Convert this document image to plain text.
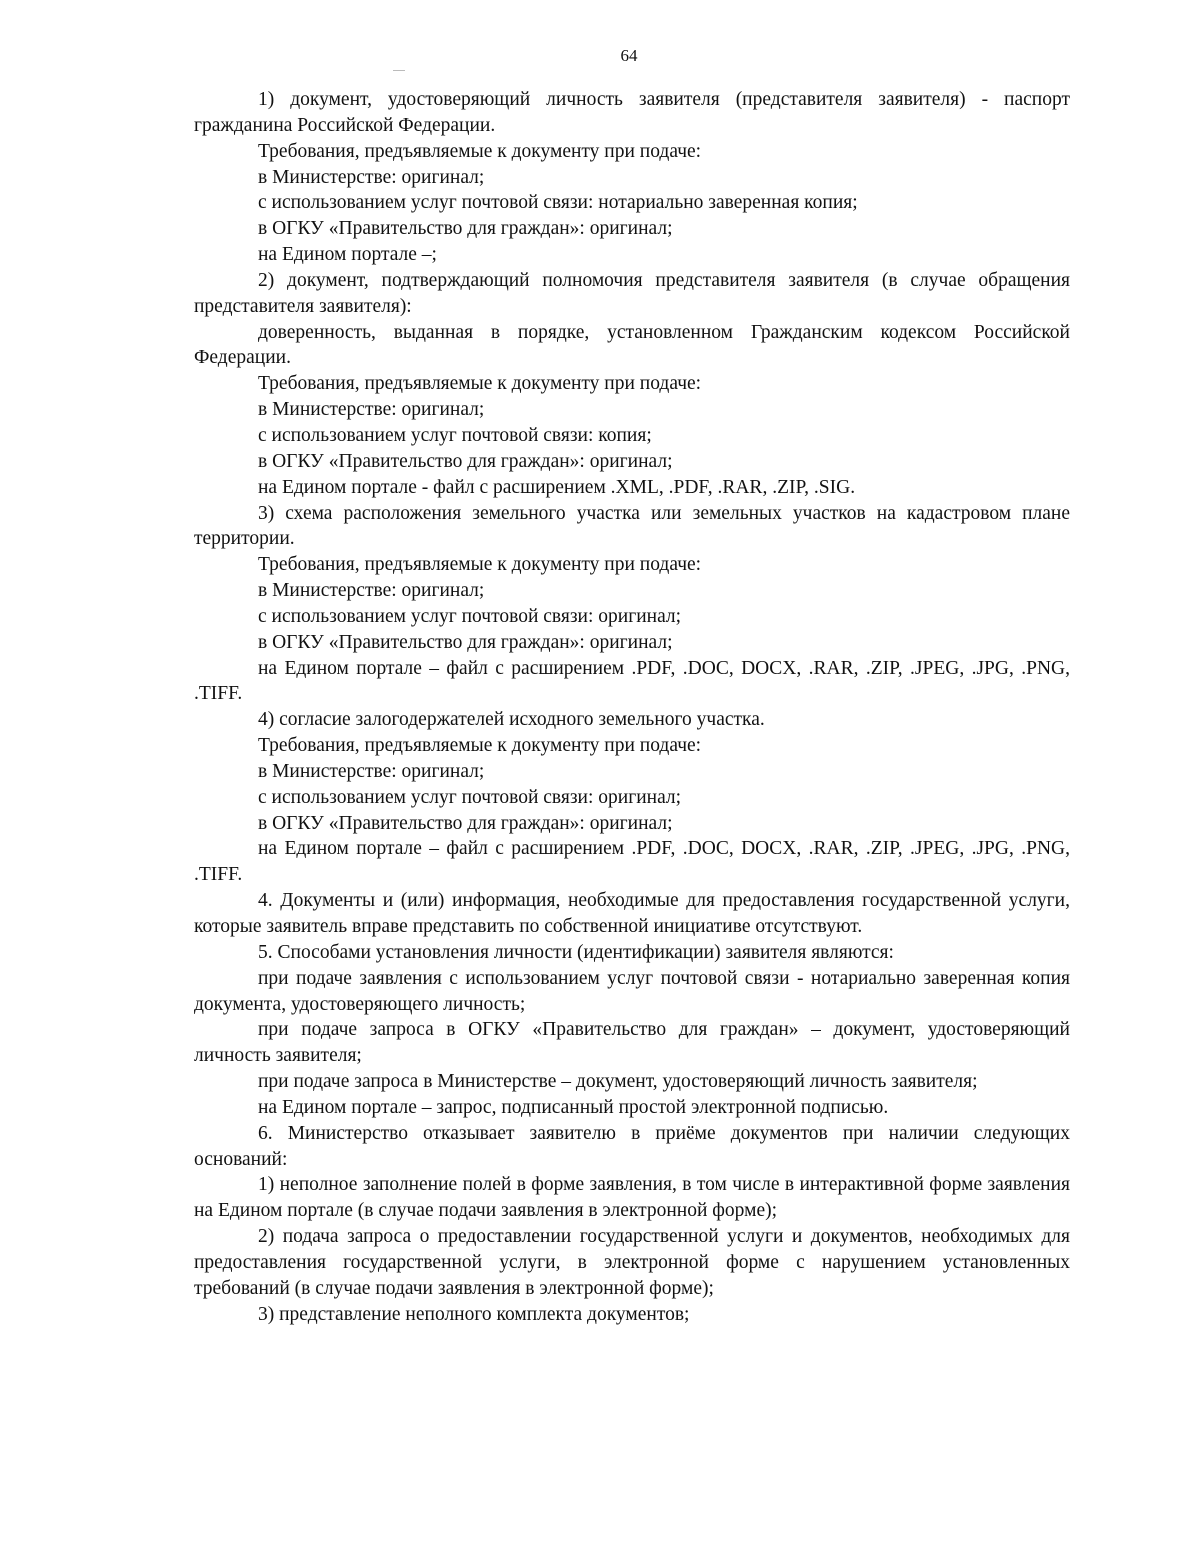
64

1) документ, удостоверяющий личность заявителя (представителя заявителя) - паспорт гражданина Российской Федерации.

Требования, предъявляемые к документу при подаче:

в Министерстве: оригинал;

с использованием услуг почтовой связи: нотариально заверенная копия;

в ОГКУ «Правительство для граждан»: оригинал;

на Едином портале –;

2) документ, подтверждающий полномочия представителя заявителя (в случае обращения представителя заявителя):

доверенность, выданная в порядке, установленном Гражданским кодексом Российской Федерации.

Требования, предъявляемые к документу при подаче:

в Министерстве: оригинал;

с использованием услуг почтовой связи: копия;

в ОГКУ «Правительство для граждан»: оригинал;

на Едином портале - файл с расширением .XML, .PDF, .RAR, .ZIP, .SIG.

3) схема расположения земельного участка или земельных участков на кадастровом плане территории.

Требования, предъявляемые к документу при подаче:

в Министерстве: оригинал;

с использованием услуг почтовой связи: оригинал;

в ОГКУ «Правительство для граждан»: оригинал;

на Едином портале – файл с расширением .PDF, .DOC, DOCX, .RAR, .ZIP, .JPEG, .JPG, .PNG, .TIFF.

4) согласие залогодержателей исходного земельного участка.

Требования, предъявляемые к документу при подаче:

в Министерстве: оригинал;

с использованием услуг почтовой связи: оригинал;

в ОГКУ «Правительство для граждан»: оригинал;

на Едином портале – файл с расширением .PDF, .DOC, DOCX, .RAR, .ZIP, .JPEG, .JPG, .PNG, .TIFF.

4. Документы и (или) информация, необходимые для предоставления государственной услуги, которые заявитель вправе представить по собственной инициативе отсутствуют.

5. Способами установления личности (идентификации) заявителя являются:

при подаче заявления с использованием услуг почтовой связи - нотариально заверенная копия документа, удостоверяющего личность;

при подаче запроса в ОГКУ «Правительство для граждан» – документ, удостоверяющий личность заявителя;

при подаче запроса в Министерстве – документ, удостоверяющий личность заявителя;

на Едином портале – запрос, подписанный простой электронной подписью.

6. Министерство отказывает заявителю в приёме документов при наличии следующих оснований:

1) неполное заполнение полей в форме заявления, в том числе в интерактивной форме заявления на Едином портале (в случае подачи заявления в электронной форме);

2) подача запроса о предоставлении государственной услуги и документов, необходимых для предоставления государственной услуги, в электронной форме с нарушением установленных требований (в случае подачи заявления в электронной форме);

3) представление неполного комплекта документов;
